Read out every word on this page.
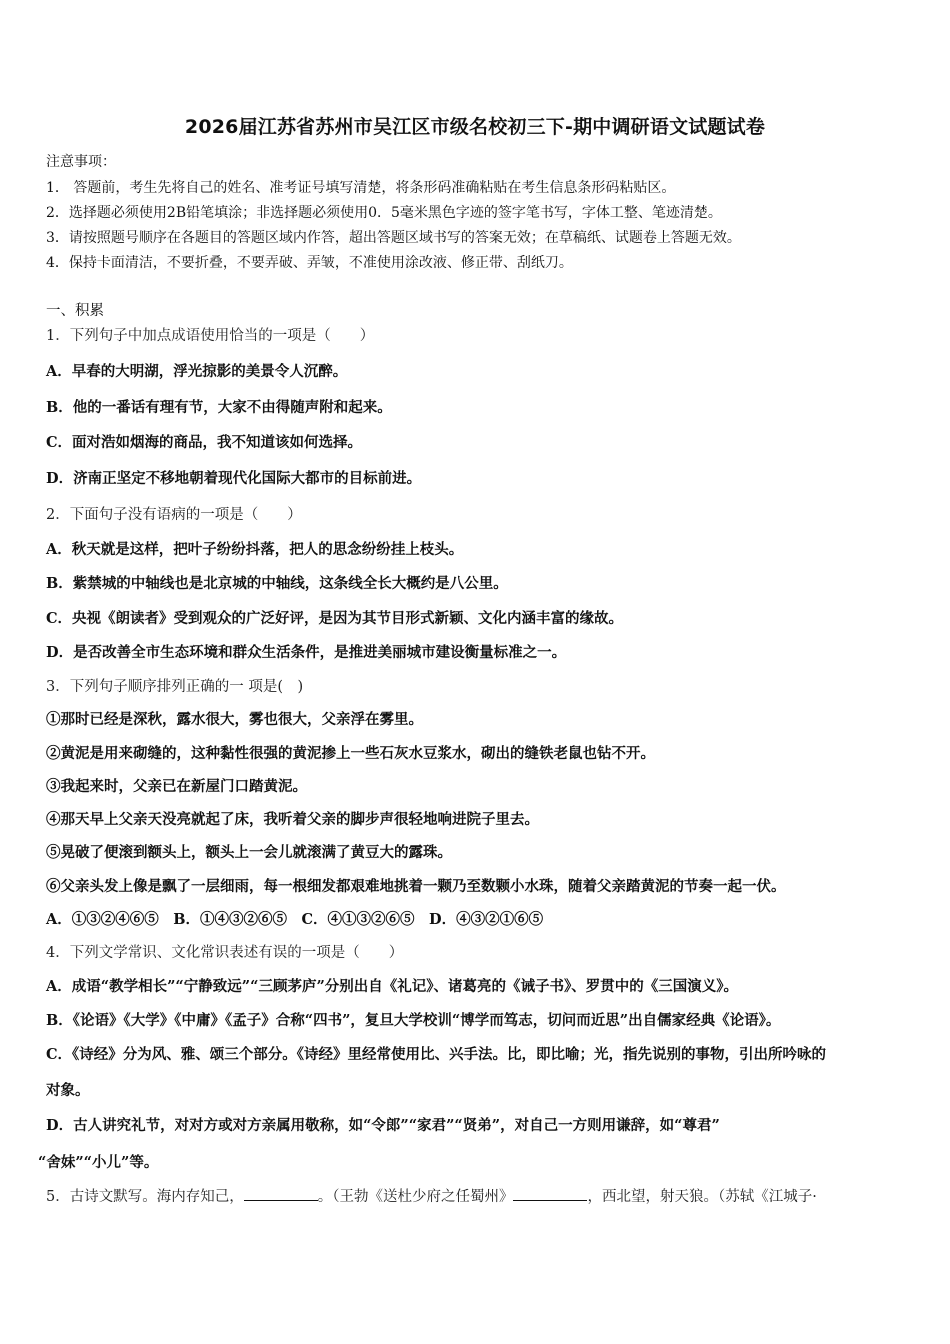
2026届江苏省苏州市吴江区市级名校初三下-期中调研语文试题试卷
注意事项：
1． 答题前，考生先将自己的姓名、准考证号填写清楚，将条形码准确粘贴在考生信息条形码粘贴区。
2．选择题必须使用2B铅笔填涂；非选择题必须使用0．5毫米黑色字迹的签字笔书写，字体工整、笔迹清楚。
3．请按照题号顺序在各题目的答题区域内作答，超出答题区域书写的答案无效；在草稿纸、试题卷上答题无效。
4．保持卡面清洁，不要折叠，不要弄破、弄皱，不准使用涂改液、修正带、刮纸刀。
一、积累
1．下列句子中加点成语使用恰当的一项是（　　）
A．早春的大明湖，浮光掠影的美景令人沉醉。
B．他的一番话有理有节，大家不由得随声附和起来。
C．面对浩如烟海的商品，我不知道该如何选择。
D．济南正坚定不移地朝着现代化国际大都市的目标前进。
2．下面句子没有语病的一项是（　　）
A．秋天就是这样，把叶子纷纷抖落，把人的思念纷纷挂上枝头。
B．紫禁城的中轴线也是北京城的中轴线，这条线全长大概约是八公里。
C．央视《朗读者》受到观众的广泛好评，是因为其节目形式新颖、文化内涵丰富的缘故。
D．是否改善全市生态环境和群众生活条件，是推进美丽城市建设衡量标准之一。
3．下列句子顺序排列正确的一 项是(　)
①那时已经是深秋，露水很大，雾也很大，父亲浮在雾里。
②黄泥是用来砌缝的，这种黏性很强的黄泥掺上一些石灰水豆浆水，砌出的缝铁老鼠也钻不开。
③我起来时，父亲已在新屋门口踏黄泥。
④那天早上父亲天没亮就起了床，我听着父亲的脚步声很轻地响进院子里去。
⑤晃破了便滚到额头上，额头上一会儿就滚满了黄豆大的露珠。
⑥父亲头发上像是飘了一层细雨，每一根细发都艰难地挑着一颗乃至数颗小水珠，随着父亲踏黄泥的节奏一起一伏。
A．①③②④⑥⑤　B．①④③②⑥⑤　C．④①③②⑥⑤　D．④③②①⑥⑤
4．下列文学常识、文化常识表述有误的一项是（　　）
A．成语“教学相长”“宁静致远”“三顾茅庐”分别出自《礼记》、诸葛亮的《诫子书》、罗贯中的《三国演义》。
B．《论语》《大学》《中庸》《孟子》合称“四书”，复旦大学校训“博学而笃志，切问而近思”出自儒家经典《论语》。
C．《诗经》分为风、雅、颂三个部分。《诗经》里经常使用比、兴手法。比，即比喻；光，指先说别的事物，引出所吟咏的
对象。
D．古人讲究礼节，对对方或对方亲属用敬称，如“令郎”“家君”“贤弟”，对自己一方则用谦辞，如“尊君”
“舍妹”“小儿”等。
5．古诗文默写。海内存知己，	。（王勃《送杜少府之任蜀州》	，西北望，射天狼。（苏轼《江城子·
